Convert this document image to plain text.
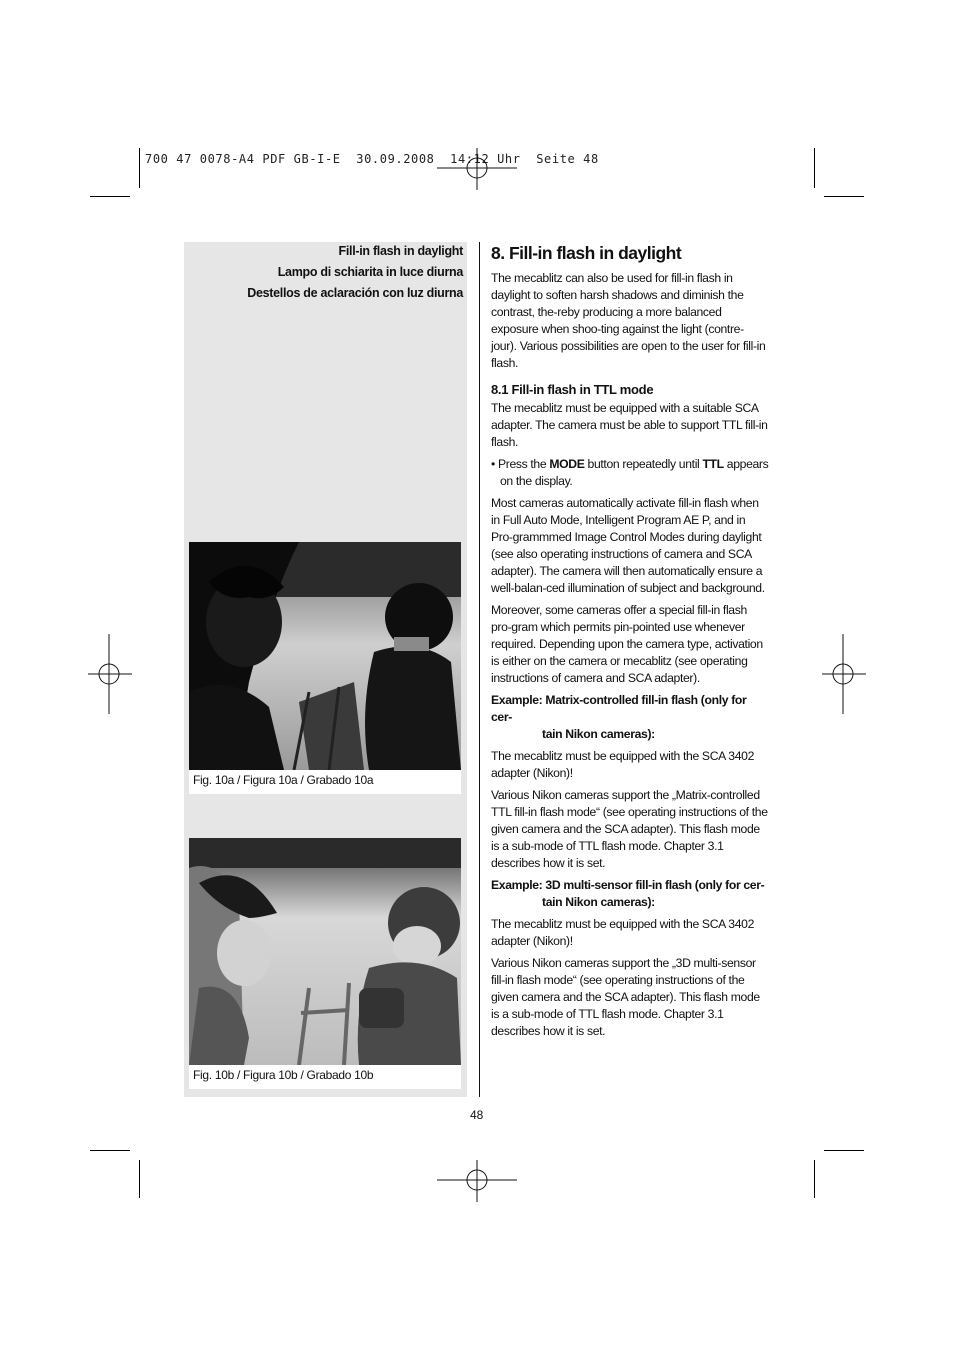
700 47 0078-A4 PDF GB-I-E  30.09.2008  14:12 Uhr  Seite 48
Fill-in flash in daylight
Lampo di schiarita in luce diurna
Destellos de aclaración con luz diurna
Fig. 10a / Figura 10a / Grabado 10a
Fig. 10b / Figura 10b / Grabado 10b
8. Fill-in flash in daylight

The mecablitz can also be used for fill-in flash in daylight to soften harsh shadows and diminish the contrast, the-reby producing a more balanced exposure when shoo-ting against the light (contre-jour). Various possibilities are open to the user for fill-in flash.

8.1 Fill-in flash in TTL mode

The mecablitz must be equipped with a suitable SCA adapter. The camera must be able to support TTL fill-in flash.

• Press the MODE button repeatedly until TTL appears on the display.

Most cameras automatically activate fill-in flash when in Full Auto Mode, Intelligent Program AE P, and in Pro-grammmed Image Control Modes during daylight (see also operating instructions of camera and SCA adapter). The camera will then automatically ensure a well-balan-ced illumination of subject and background.

Moreover, some cameras offer a special fill-in flash pro-gram which permits pin-pointed use whenever required. Depending upon the camera type, activation is either on the camera or mecablitz (see operating instructions of camera and SCA adapter).

Example: Matrix-controlled fill-in flash (only for cer-
tain Nikon cameras):

The mecablitz must be equipped with the SCA 3402 adapter (Nikon)!

Various Nikon cameras support the „Matrix-controlled TTL fill-in flash mode“ (see operating instructions of the given camera and the SCA adapter). This flash mode is a sub-mode of TTL flash mode. Chapter 3.1 describes how it is set.

Example: 3D multi-sensor fill-in flash (only for cer-
tain Nikon cameras):

The mecablitz must be equipped with the SCA 3402 adapter (Nikon)!

Various Nikon cameras support the „3D multi-sensor fill-in flash mode“ (see operating instructions of the given camera and the SCA adapter). This flash mode is a sub-mode of TTL flash mode. Chapter 3.1 describes how it is set.

48
